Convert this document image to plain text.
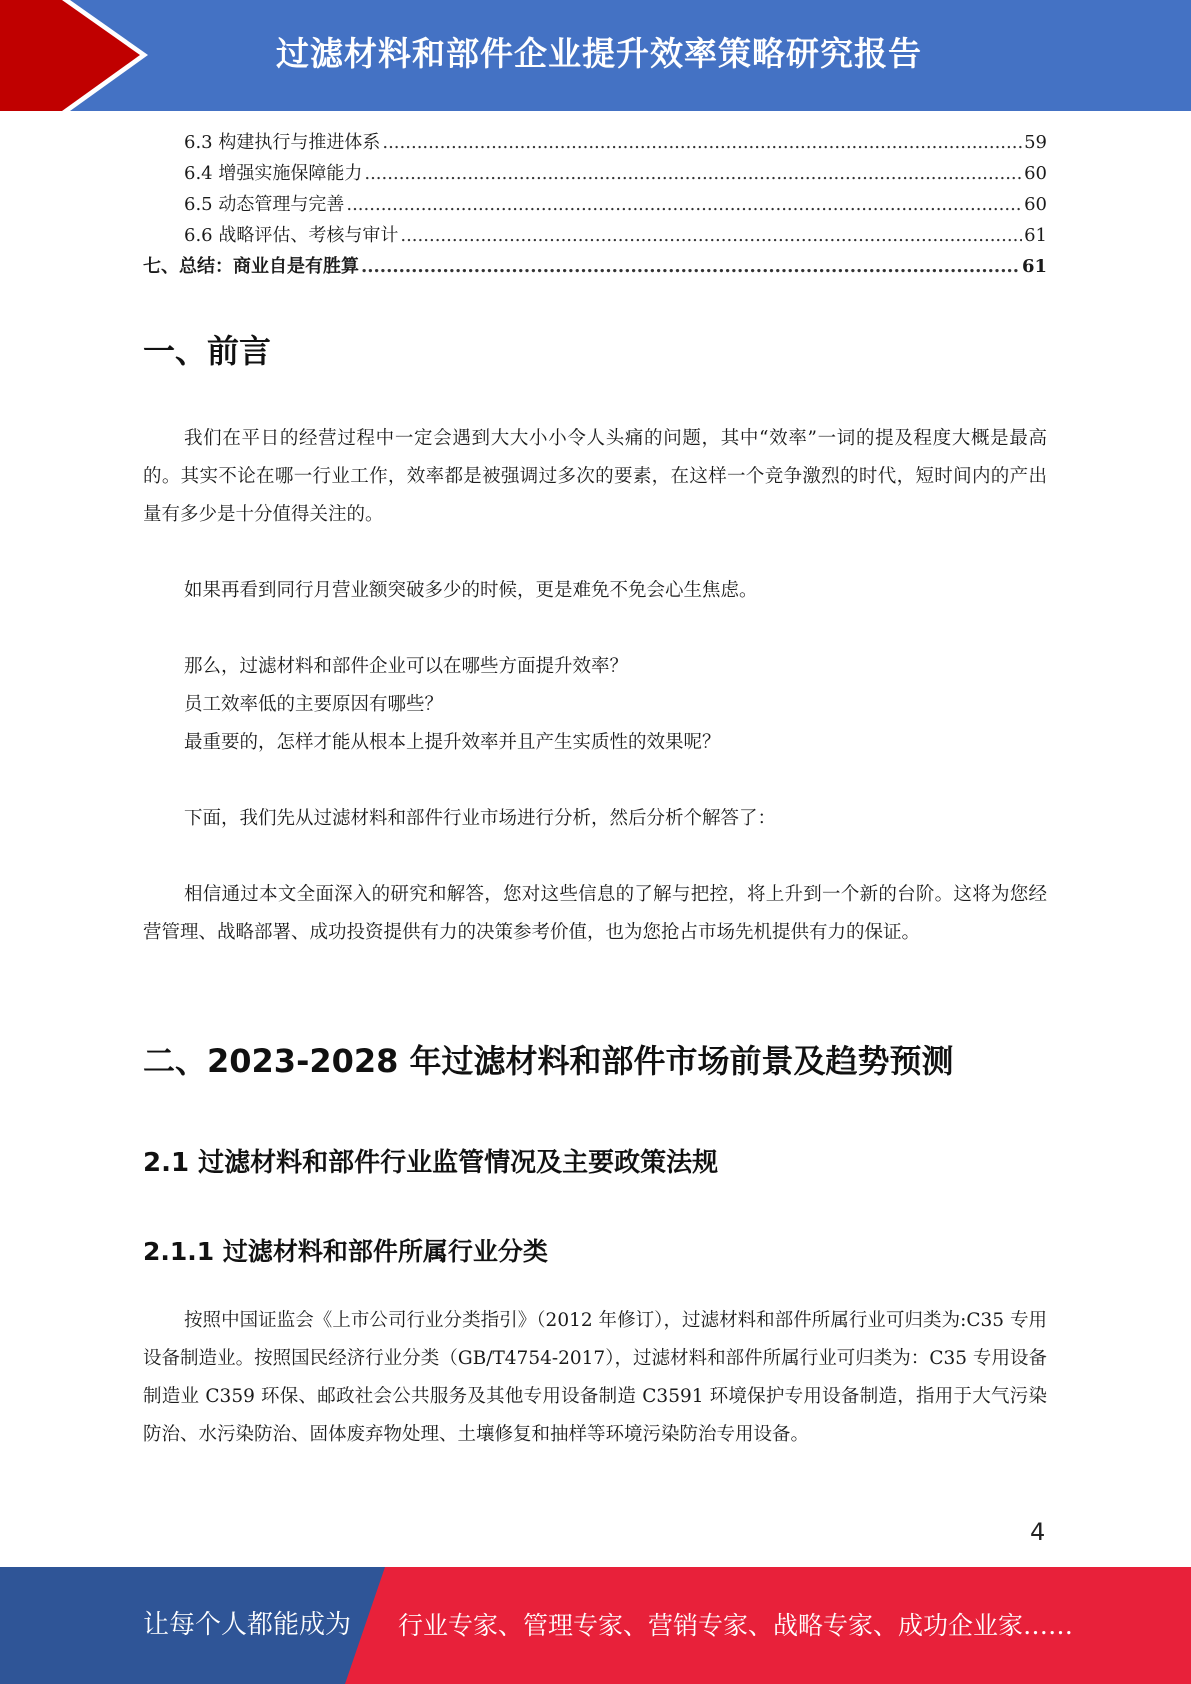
过滤材料和部件企业提升效率策略研究报告
6.3 构建执行与推进体系 .....	59
6.4 增强实施保障能力 .....	60
6.5 动态管理与完善 .....	60
6.6 战略评估、考核与审计 .....	61
七、总结：商业自是有胜算 .....	61
一、前言
我们在平日的经营过程中一定会遇到大大小小令人头痛的问题，其中“效率”一词的提及程度大概是最高的。其实不论在哪一行业工作，效率都是被强调过多次的要素，在这样一个竞争激烈的时代，短时间内的产出量有多少是十分值得关注的。
如果再看到同行月营业额突破多少的时候，更是难免不免会心生焦虑。
那么，过滤材料和部件企业可以在哪些方面提升效率？
员工效率低的主要原因有哪些？
最重要的，怎样才能从根本上提升效率并且产生实质性的效果呢？
下面，我们先从过滤材料和部件行业市场进行分析，然后分析个解答了：
相信通过本文全面深入的研究和解答，您对这些信息的了解与把控，将上升到一个新的台阶。这将为您经营管理、战略部署、成功投资提供有力的决策参考价值，也为您抢占市场先机提供有力的保证。
二、2023-2028 年过滤材料和部件市场前景及趋势预测
2.1 过滤材料和部件行业监管情况及主要政策法规
2.1.1 过滤材料和部件所属行业分类
按照中国证监会《上市公司行业分类指引》（2012 年修订），过滤材料和部件所属行业可归类为:C35 专用设备制造业。按照国民经济行业分类（GB/T4754-2017），过滤材料和部件所属行业可归类为：C35 专用设备制造业 C359 环保、邮政社会公共服务及其他专用设备制造 C3591 环境保护专用设备制造，指用于大气污染防治、水污染防治、固体废弃物处理、土壤修复和抽样等环境污染防治专用设备。
4
让每个人都能成为 行业专家、管理专家、营销专家、战略专家、成功企业家……
